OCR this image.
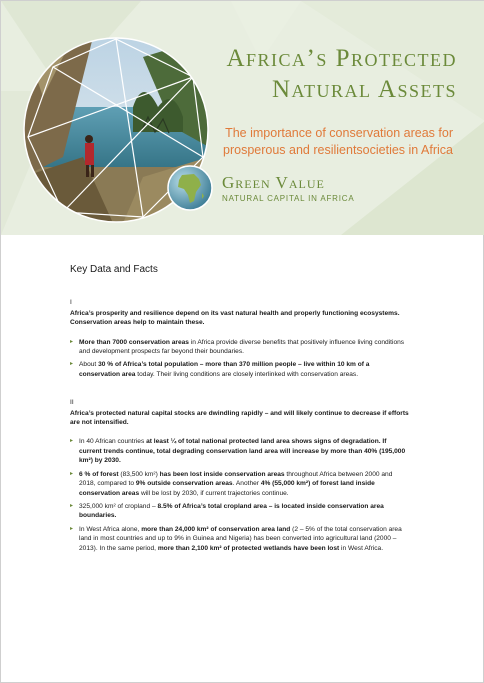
Africa’s Protected
Natural Assets
The importance of conservation areas for prosperous and resilientsocieties in Africa
Green Value
NATURAL CAPITAL IN AFRICA
Key Data and Facts
I

Africa’s prosperity and resilience depend on its vast natural health and properly functioning ecosystems. Conservation areas help to maintain these.

▸ More than 7000 conservation areas in Africa provide diverse benefits that positively influence living conditions and development prospects far beyond their boundaries.
▸ About 30 % of Africa’s total population – more than 370 million people – live within 10 km of a conservation area today. Their living conditions are closely interlinked with conservation areas.
II

Africa’s protected natural capital stocks are dwindling rapidly – and will likely continue to decrease if efforts are not intensified.

▸ In 40 African countries at least ¼ of total national protected land area shows signs of degradation. If current trends continue, total degrading conservation land area will increase by more than 40% (195,000 km²) by 2030.
▸ 6 % of forest (83,500 km²) has been lost inside conservation areas throughout Africa between 2000 and 2018, compared to 9% outside conservation areas. Another 4% (55,000 km²) of forest land inside conservation areas will be lost by 2030, if current trajectories continue.
▸ 325,000 km² of cropland – 8.5% of Africa’s total cropland area – is located inside conservation area boundaries.
▸ In West Africa alone, more than 24,000 km² of conservation area land (2 – 5% of the total conservation area land in most countries and up to 9% in Guinea and Nigeria) has been converted into agricultural land (2000 – 2013). In the same period, more than 2,100 km² of protected wetlands have been lost in West Africa.
